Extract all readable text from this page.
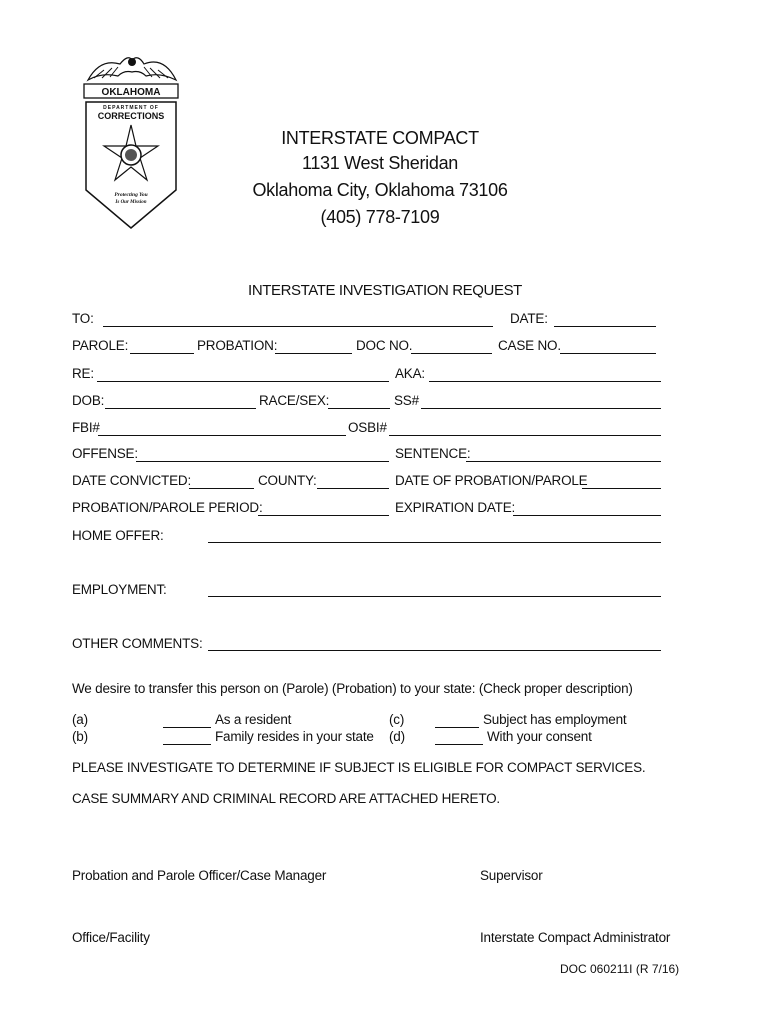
OKLAHOMA
DEPARTMENT OF
CORRECTIONS
Protecting You
Is Our Mission
INTERSTATE COMPACT
1131 West Sheridan
Oklahoma City, Oklahoma 73106
(405) 778-7109
INTERSTATE INVESTIGATION REQUEST
TO:	DATE:
PAROLE:	PROBATION:	DOC NO.	CASE NO.
RE:	AKA:
DOB:	RACE/SEX:	SS#
FBI#	OSBI#
OFFENSE:	SENTENCE:
DATE CONVICTED:	COUNTY:	DATE OF PROBATION/PAROLE
PROBATION/PAROLE PERIOD:	EXPIRATION DATE:
HOME OFFER:
EMPLOYMENT:
OTHER COMMENTS:
We desire to transfer this person on (Parole) (Probation) to your state: (Check proper description)
(a)	As a resident
(b)	Family resides in your state
(c)	Subject has employment
(d)	With your consent
PLEASE INVESTIGATE TO DETERMINE IF SUBJECT IS ELIGIBLE FOR COMPACT SERVICES.
CASE SUMMARY AND CRIMINAL RECORD ARE ATTACHED HERETO.
Probation and Parole Officer/Case Manager	Supervisor
Office/Facility	Interstate Compact Administrator
DOC 060211I (R 7/16)
